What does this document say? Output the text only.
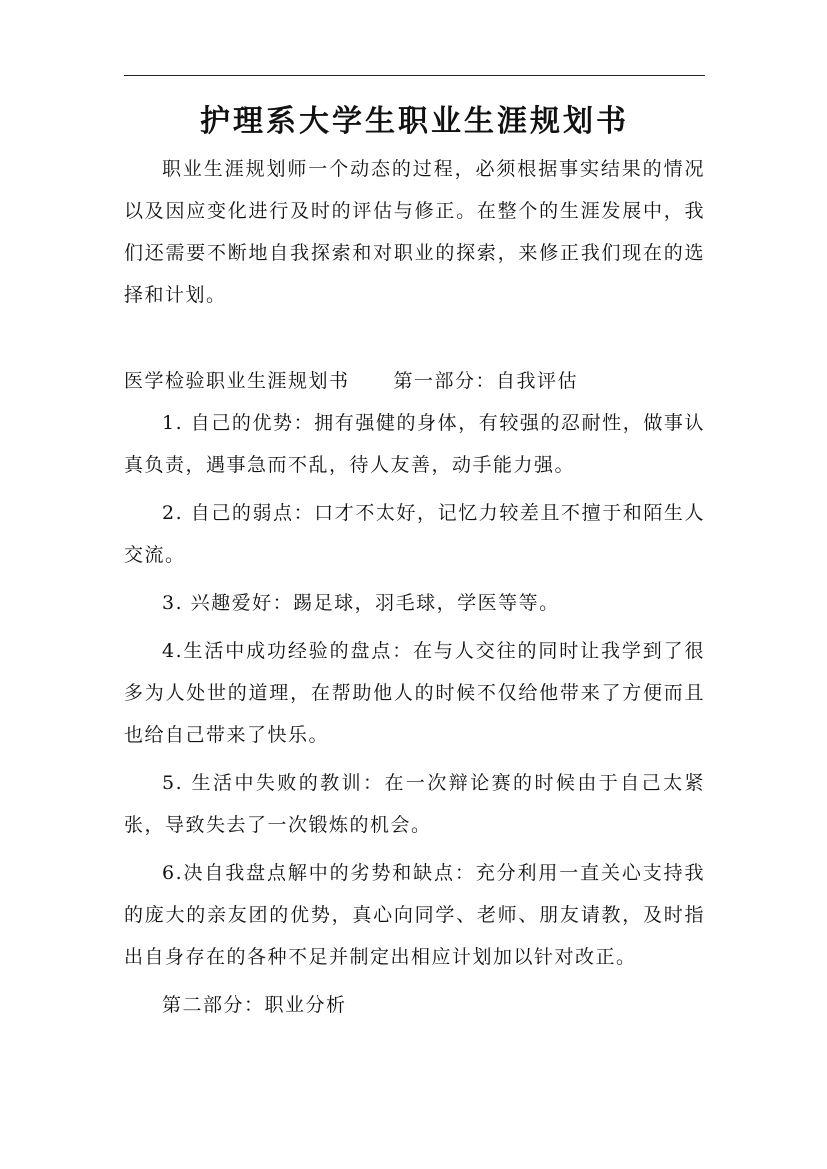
护理系大学生职业生涯规划书

职业生涯规划师一个动态的过程，必须根据事实结果的情况以及因应变化进行及时的评估与修正。在整个的生涯发展中，我们还需要不断地自我探索和对职业的探索，来修正我们现在的选择和计划。

医学检验职业生涯规划书 第一部分：自我评估

1. 自己的优势：拥有强健的身体，有较强的忍耐性，做事认真负责，遇事急而不乱，待人友善，动手能力强。

2. 自己的弱点：口才不太好，记忆力较差且不擅于和陌生人交流。

3. 兴趣爱好：踢足球，羽毛球，学医等等。

4.生活中成功经验的盘点：在与人交往的同时让我学到了很多为人处世的道理，在帮助他人的时候不仅给他带来了方便而且也给自己带来了快乐。

5. 生活中失败的教训：在一次辩论赛的时候由于自己太紧张，导致失去了一次锻炼的机会。

6.决自我盘点解中的劣势和缺点：充分利用一直关心支持我的庞大的亲友团的优势，真心向同学、老师、朋友请教，及时指出自身存在的各种不足并制定出相应计划加以针对改正。

第二部分：职业分析
